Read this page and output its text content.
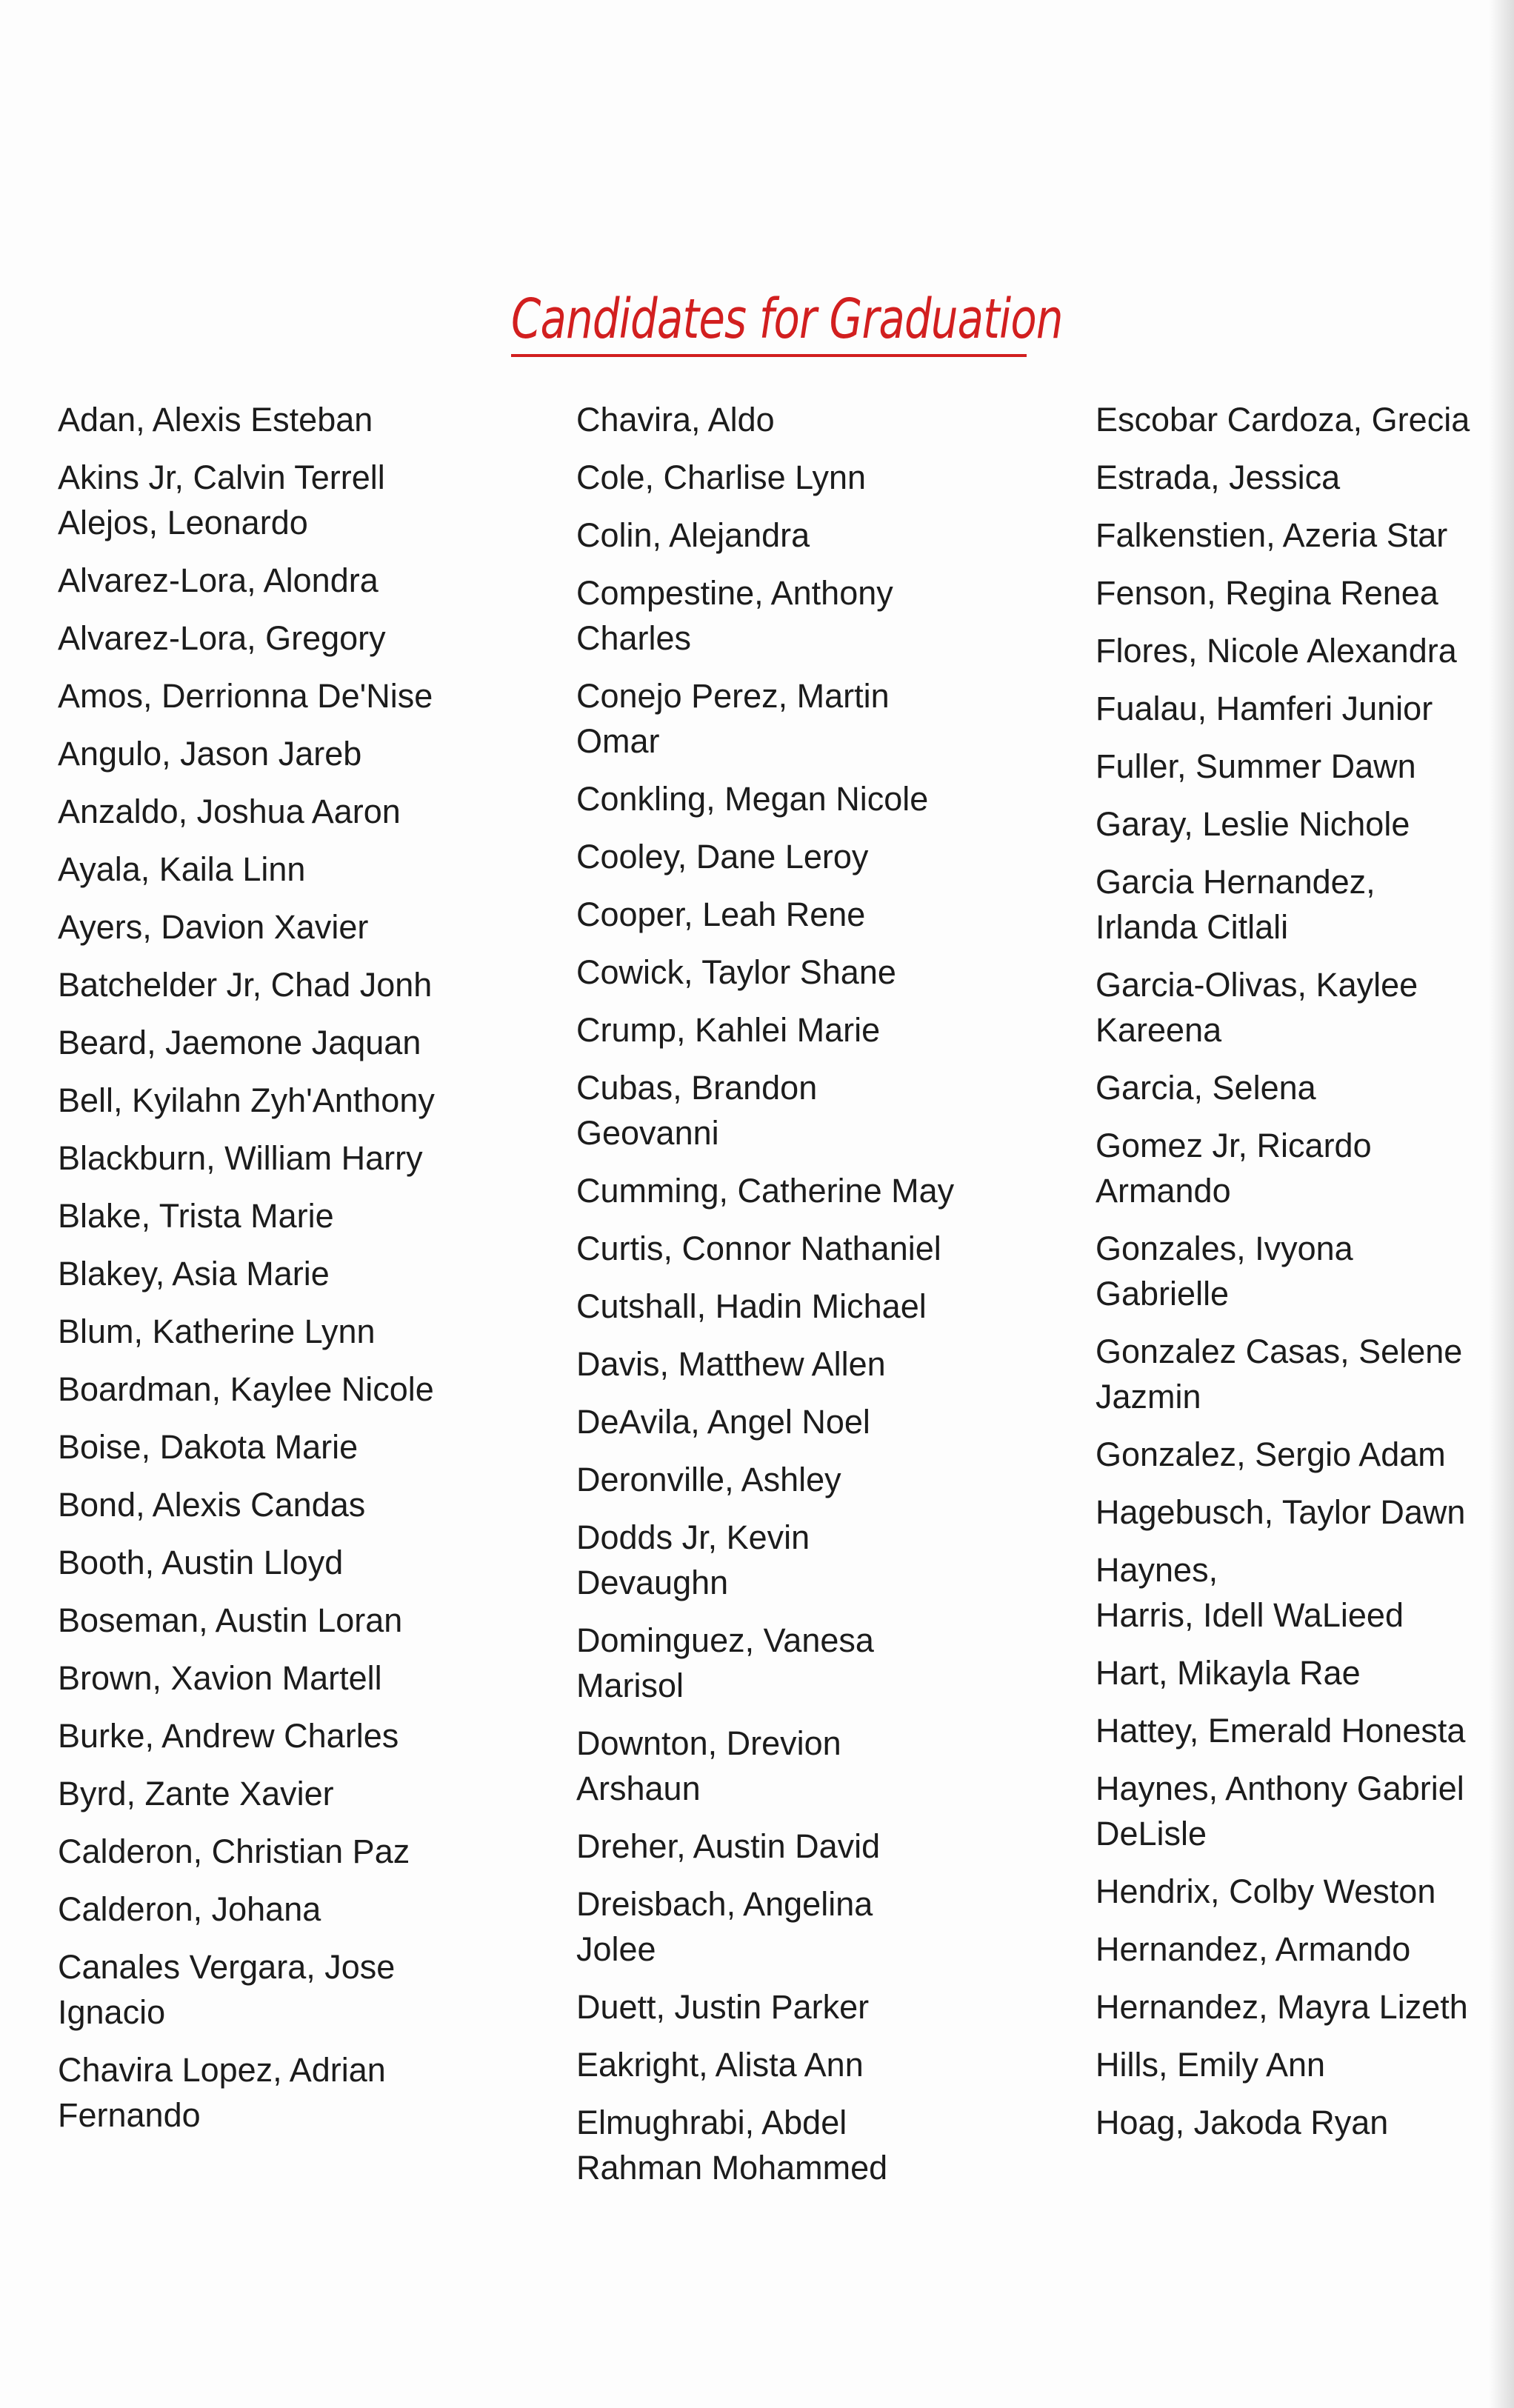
Candidates for Graduation
Adan, Alexis Esteban
Akins Jr, Calvin Terrell
Alejos, Leonardo
Alvarez-Lora, Alondra
Alvarez-Lora, Gregory
Amos, Derrionna De'Nise
Angulo, Jason Jareb
Anzaldo, Joshua Aaron
Ayala, Kaila Linn
Ayers, Davion Xavier
Batchelder Jr, Chad Jonh
Beard, Jaemone Jaquan
Bell, Kyilahn Zyh'Anthony
Blackburn, William Harry
Blake, Trista Marie
Blakey, Asia Marie
Blum, Katherine Lynn
Boardman, Kaylee Nicole
Boise, Dakota Marie
Bond, Alexis Candas
Booth, Austin Lloyd
Boseman, Austin Loran
Brown, Xavion Martell
Burke, Andrew Charles
Byrd, Zante Xavier
Calderon, Christian Paz
Calderon, Johana
Canales Vergara, Jose
Ignacio
Chavira Lopez, Adrian
Fernando
Chavira, Aldo
Cole, Charlise Lynn
Colin, Alejandra
Compestine, Anthony
Charles
Conejo Perez, Martin
Omar
Conkling, Megan Nicole
Cooley, Dane Leroy
Cooper, Leah Rene
Cowick, Taylor Shane
Crump, Kahlei Marie
Cubas, Brandon
Geovanni
Cumming, Catherine May
Curtis, Connor Nathaniel
Cutshall, Hadin Michael
Davis, Matthew Allen
DeAvila, Angel Noel
Deronville, Ashley
Dodds Jr, Kevin
Devaughn
Dominguez, Vanesa
Marisol
Downton, Drevion
Arshaun
Dreher, Austin David
Dreisbach, Angelina
Jolee
Duett, Justin Parker
Eakright, Alista Ann
Elmughrabi, Abdel
Rahman Mohammed
Escobar Cardoza, Grecia
Estrada, Jessica
Falkenstien, Azeria Star
Fenson, Regina Renea
Flores, Nicole Alexandra
Fualau, Hamferi Junior
Fuller, Summer Dawn
Garay, Leslie Nichole
Garcia Hernandez,
Irlanda Citlali
Garcia-Olivas, Kaylee
Kareena
Garcia, Selena
Gomez Jr, Ricardo
Armando
Gonzales, Ivyona
Gabrielle
Gonzalez Casas, Selene
Jazmin
Gonzalez, Sergio Adam
Hagebusch, Taylor Dawn
Haynes,
Harris, Idell WaLieed
Hart, Mikayla Rae
Hattey, Emerald Honesta
Haynes, Anthony Gabriel
DeLisle
Hendrix, Colby Weston
Hernandez, Armando
Hernandez, Mayra Lizeth
Hills, Emily Ann
Hoag, Jakoda Ryan
